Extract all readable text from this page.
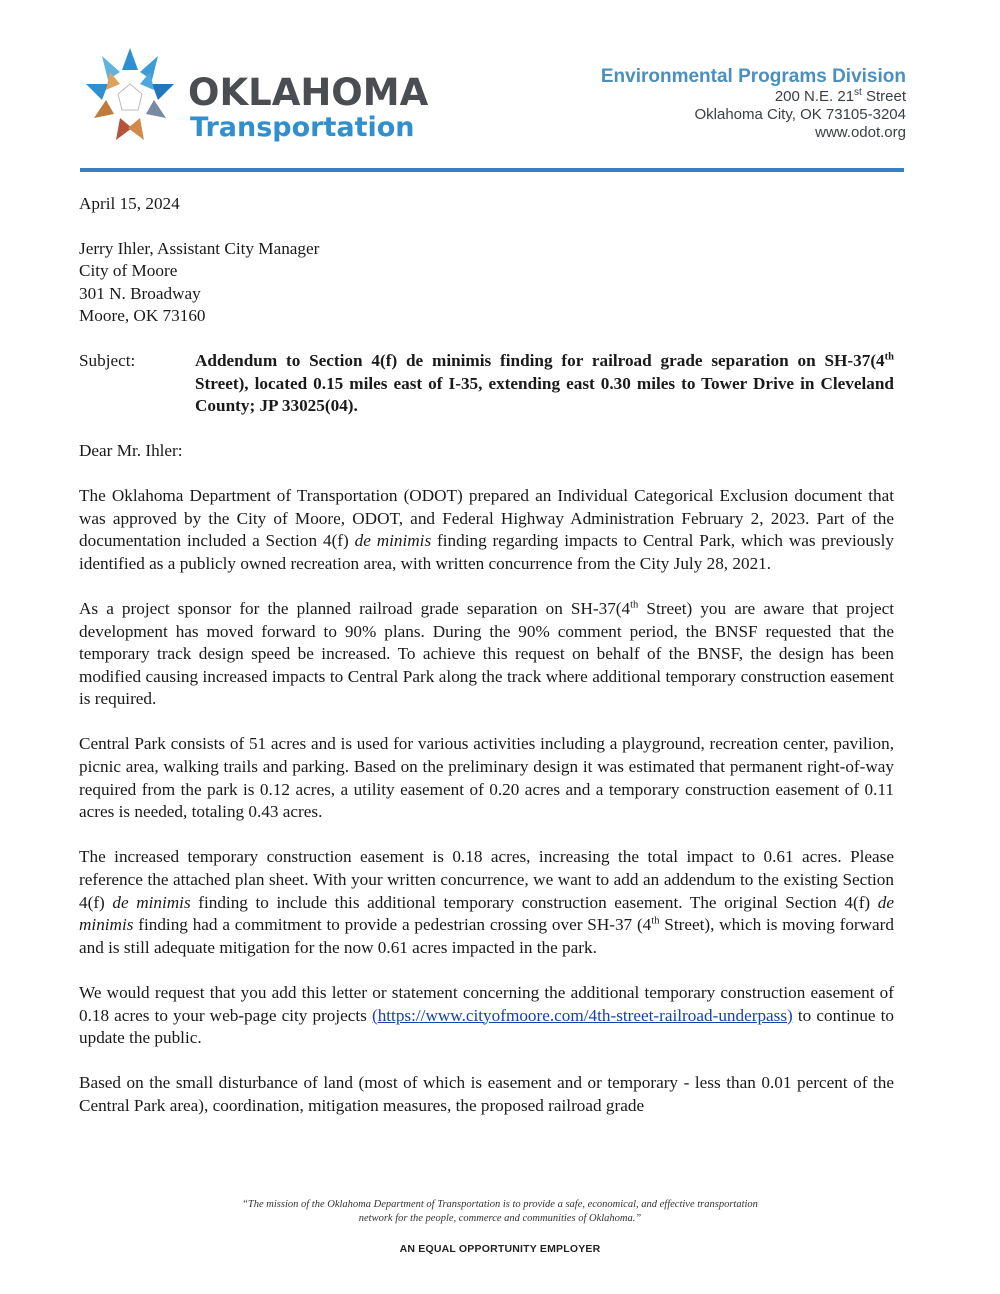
OKLAHOMA
Transportation
Environmental Programs Division
200 N.E. 21st Street
Oklahoma City, OK 73105-3204
www.odot.org
April 15, 2024
Jerry Ihler, Assistant City Manager
City of Moore
301 N. Broadway
Moore, OK 73160
Subject:	Addendum to Section 4(f) de minimis finding for railroad grade separation on SH-37(4th Street), located 0.15 miles east of I-35, extending east 0.30 miles to Tower Drive in Cleveland County; JP 33025(04).
Dear Mr. Ihler:

The Oklahoma Department of Transportation (ODOT) prepared an Individual Categorical Exclusion document that was approved by the City of Moore, ODOT, and Federal Highway Administration February 2, 2023. Part of the documentation included a Section 4(f) de minimis finding regarding impacts to Central Park, which was previously identified as a publicly owned recreation area, with written concurrence from the City July 28, 2021.

As a project sponsor for the planned railroad grade separation on SH-37(4th Street) you are aware that project development has moved forward to 90% plans. During the 90% comment period, the BNSF requested that the temporary track design speed be increased. To achieve this request on behalf of the BNSF, the design has been modified causing increased impacts to Central Park along the track where additional temporary construction easement is required.

Central Park consists of 51 acres and is used for various activities including a playground, recreation center, pavilion, picnic area, walking trails and parking. Based on the preliminary design it was estimated that permanent right-of-way required from the park is 0.12 acres, a utility easement of 0.20 acres and a temporary construction easement of 0.11 acres is needed, totaling 0.43 acres.

The increased temporary construction easement is 0.18 acres, increasing the total impact to 0.61 acres. Please reference the attached plan sheet. With your written concurrence, we want to add an addendum to the existing Section 4(f) de minimis finding to include this additional temporary construction easement. The original Section 4(f) de minimis finding had a commitment to provide a pedestrian crossing over SH-37 (4th Street), which is moving forward and is still adequate mitigation for the now 0.61 acres impacted in the park.

We would request that you add this letter or statement concerning the additional temporary construction easement of 0.18 acres to your web-page city projects (https://www.cityofmoore.com/4th-street-railroad-underpass) to continue to update the public.

Based on the small disturbance of land (most of which is easement and or temporary - less than 0.01 percent of the Central Park area), coordination, mitigation measures, the proposed railroad grade

“The mission of the Oklahoma Department of Transportation is to provide a safe, economical, and effective transportation network for the people, commerce and communities of Oklahoma.”
AN EQUAL OPPORTUNITY EMPLOYER
